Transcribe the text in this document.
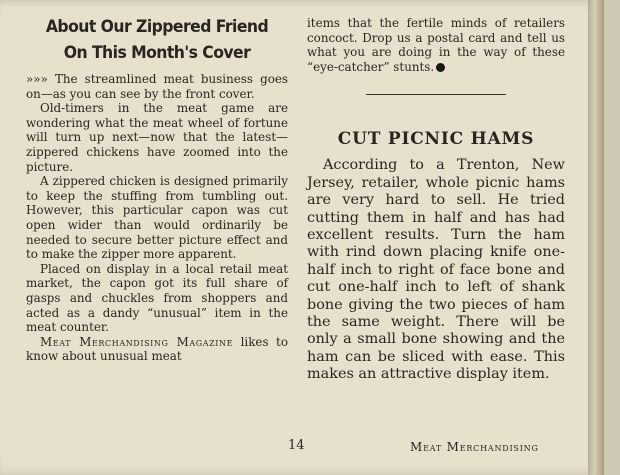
About Our Zippered Friend On This Month's Cover

»»» The streamlined meat business goes on—as you can see by the front cover.

Old-timers in the meat game are wondering what the meat wheel of fortune will turn up next—now that the latest—zippered chickens have zoomed into the picture.

A zippered chicken is designed primarily to keep the stuffing from tumbling out. However, this particular capon was cut open wider than would ordinarily be needed to secure better picture effect and to make the zipper more apparent.

Placed on display in a local retail meat market, the capon got its full share of gasps and chuckles from shoppers and acted as a dandy “unusual” item in the meat counter.

Meat Merchandising Magazine likes to know about unusual meat

items that the fertile minds of retailers concoct. Drop us a postal card and tell us what you are doing in the way of these “eye-catcher” stunts.

CUT PICNIC HAMS

According to a Trenton, New Jersey, retailer, whole picnic hams are very hard to sell. He tried cutting them in half and has had excellent results. Turn the ham with rind down placing knife one-half inch to right of face bone and cut one-half inch to left of shank bone giving the two pieces of ham the same weight. There will be only a small bone showing and the ham can be sliced with ease. This makes an attractive display item.

14	Meat Merchandising
